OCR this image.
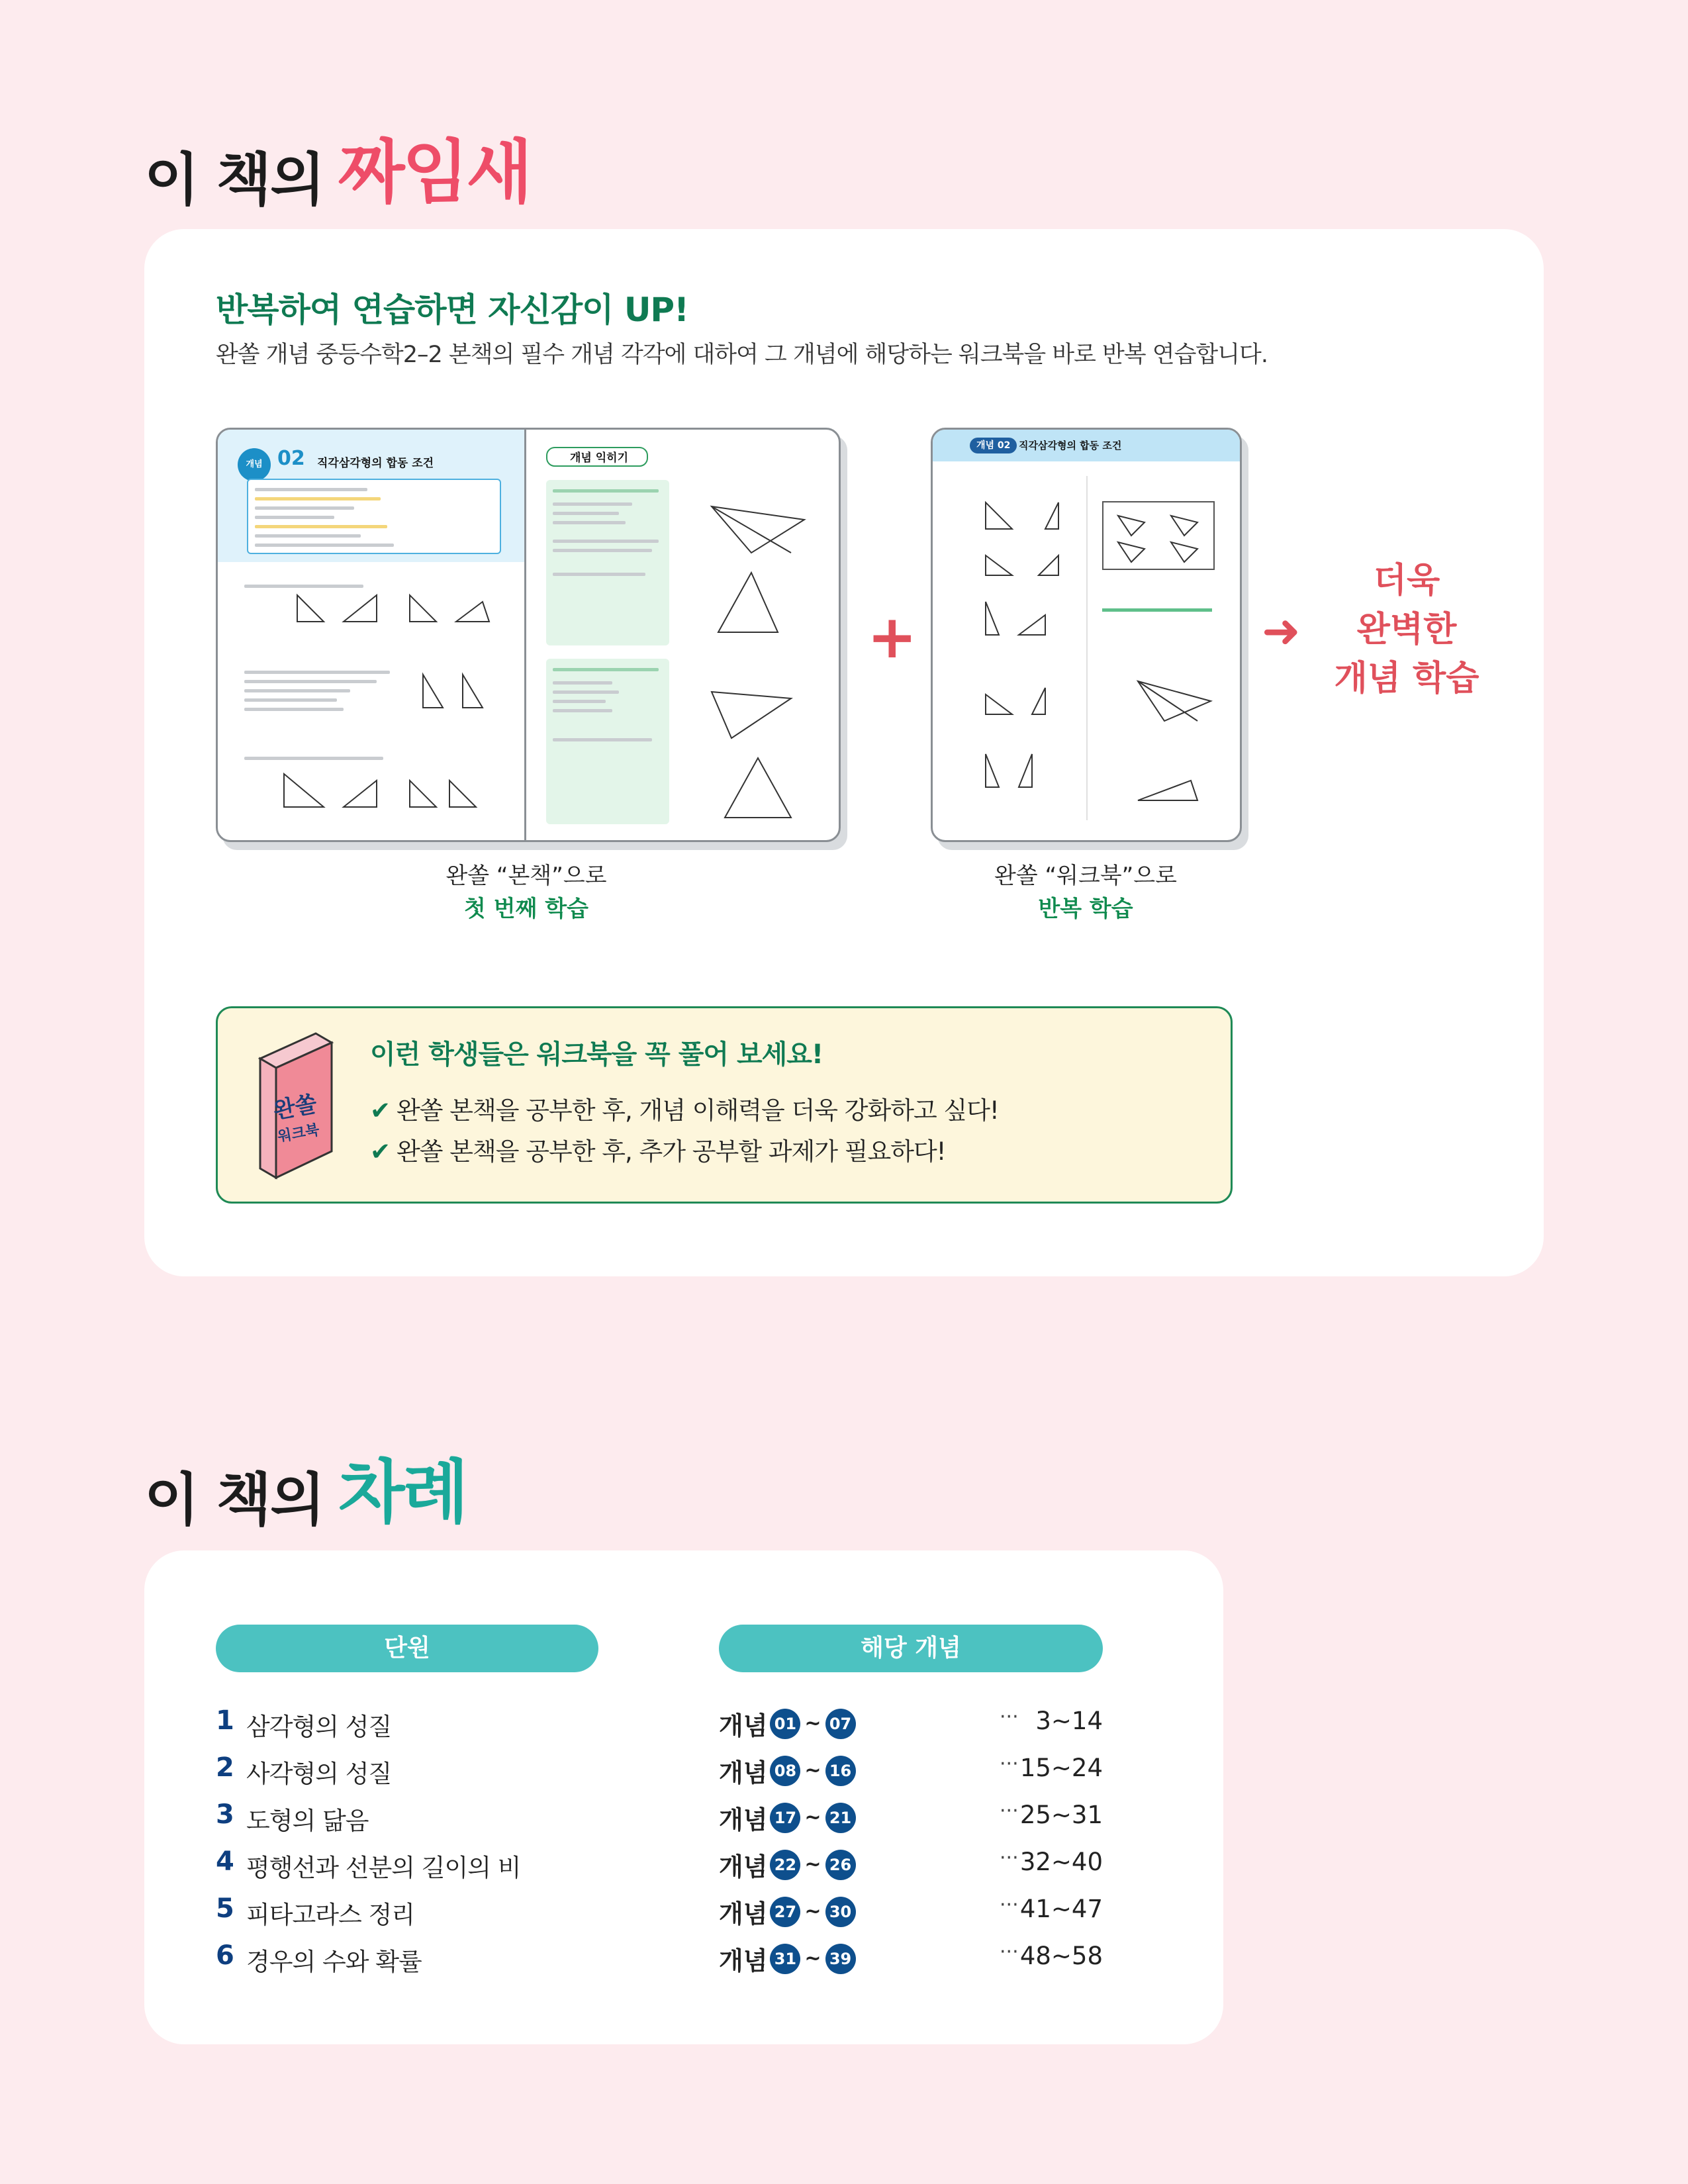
이 책의 짜임새
반복하여 연습하면 자신감이 UP!
완쏠 개념 중등수학2–2 본책의 필수 개념 각각에 대하여 그 개념에 해당하는 워크북을 바로 반복 연습합니다.
개념 02 직각삼각형의 합동 조건	개념 익히기
완쏠 “본책”으로
첫 번째 학습
+
개념 02 직각삼각형의 합동 조건
완쏠 “워크북”으로
반복 학습
➜
더욱
완벽한
개념 학습
완쏠
워크북
이런 학생들은 워크북을 꼭 풀어 보세요!
✔ 완쏠 본책을 공부한 후, 개념 이해력을 더욱 강화하고 싶다!
✔ 완쏠 본책을 공부한 후, 추가 공부할 과제가 필요하다!
이 책의 차례
단원	해당 개념
1 삼각형의 성질	개념 01 ~ 07	··· 3~14
2 사각형의 성질	개념 08 ~ 16	··· 15~24
3 도형의 닮음	개념 17 ~ 21	··· 25~31
4 평행선과 선분의 길이의 비	개념 22 ~ 26	··· 32~40
5 피타고라스 정리	개념 27 ~ 30	··· 41~47
6 경우의 수와 확률	개념 31 ~ 39	··· 48~58
